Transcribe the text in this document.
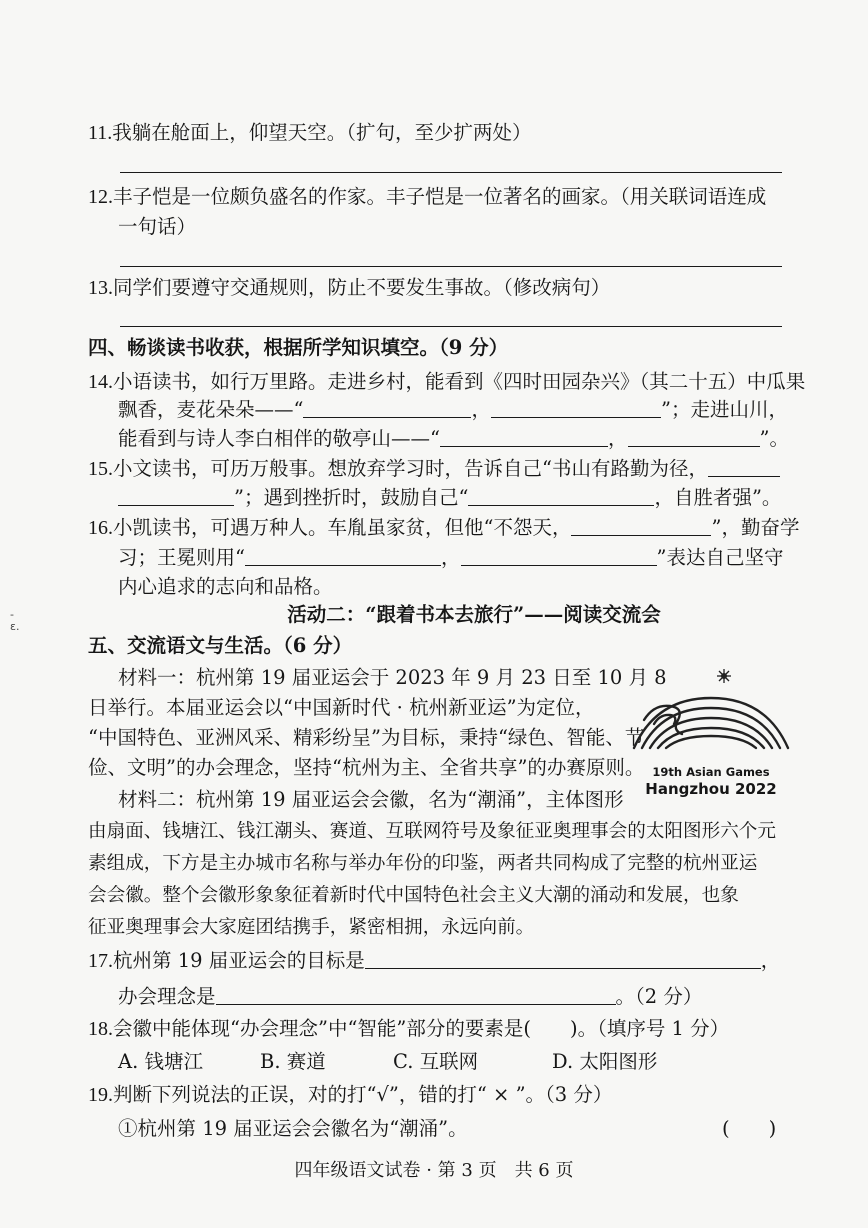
-
ɛ.
11.我躺在舱面上，仰望天空。（扩句，至少扩两处）
12.丰子恺是一位颇负盛名的作家。丰子恺是一位著名的画家。（用关联词语连成
一句话）
13.同学们要遵守交通规则，防止不要发生事故。（修改病句）
四、畅谈读书收获，根据所学知识填空。（9 分）
14.小语读书，如行万里路。走进乡村，能看到《四时田园杂兴》（其二十五）中瓜果
飘香，麦花朵朵——“	，	”；走进山川，
能看到与诗人李白相伴的敬亭山——“	，	”。
15.小文读书，可历万般事。想放弃学习时，告诉自己“书山有路勤为径，
”；遇到挫折时，鼓励自己“	，自胜者强”。
16.小凯读书，可遇万种人。车胤虽家贫，但他“不怨天，	”，勤奋学
习；王冕则用“	，	”表达自己坚守
内心追求的志向和品格。
活动二：“跟着书本去旅行”——阅读交流会
五、交流语文与生活。（6 分）
材料一：杭州第 19 届亚运会于 2023 年 9 月 23 日至 10 月 8
日举行。本届亚运会以“中国新时代 · 杭州新亚运”为定位，
“中国特色、亚洲风采、精彩纷呈”为目标，秉持“绿色、智能、节
俭、文明”的办会理念，坚持“杭州为主、全省共享”的办赛原则。 19th Asian Games
Hangzhou 2022
材料二：杭州第 19 届亚运会会徽，名为“潮涌”，主体图形
由扇面、钱塘江、钱江潮头、赛道、互联网符号及象征亚奥理事会的太阳图形六个元
素组成，下方是主办城市名称与举办年份的印鉴，两者共同构成了完整的杭州亚运
会会徽。整个会徽形象象征着新时代中国特色社会主义大潮的涌动和发展，也象
征亚奥理事会大家庭团结携手，紧密相拥，永远向前。
17.杭州第 19 届亚运会的目标是	，
办会理念是	。（2 分）
18.会徽中能体现“办会理念”中“智能”部分的要素是(　　)。（填序号 1 分）
A. 钱塘江	B. 赛道	C. 互联网	D. 太阳图形
19.判断下列说法的正误，对的打“√”，错的打“ × ”。（3 分）
①杭州第 19 届亚运会会徽名为“潮涌”。	(　　)
四年级语文试卷 · 第 3 页　共 6 页
